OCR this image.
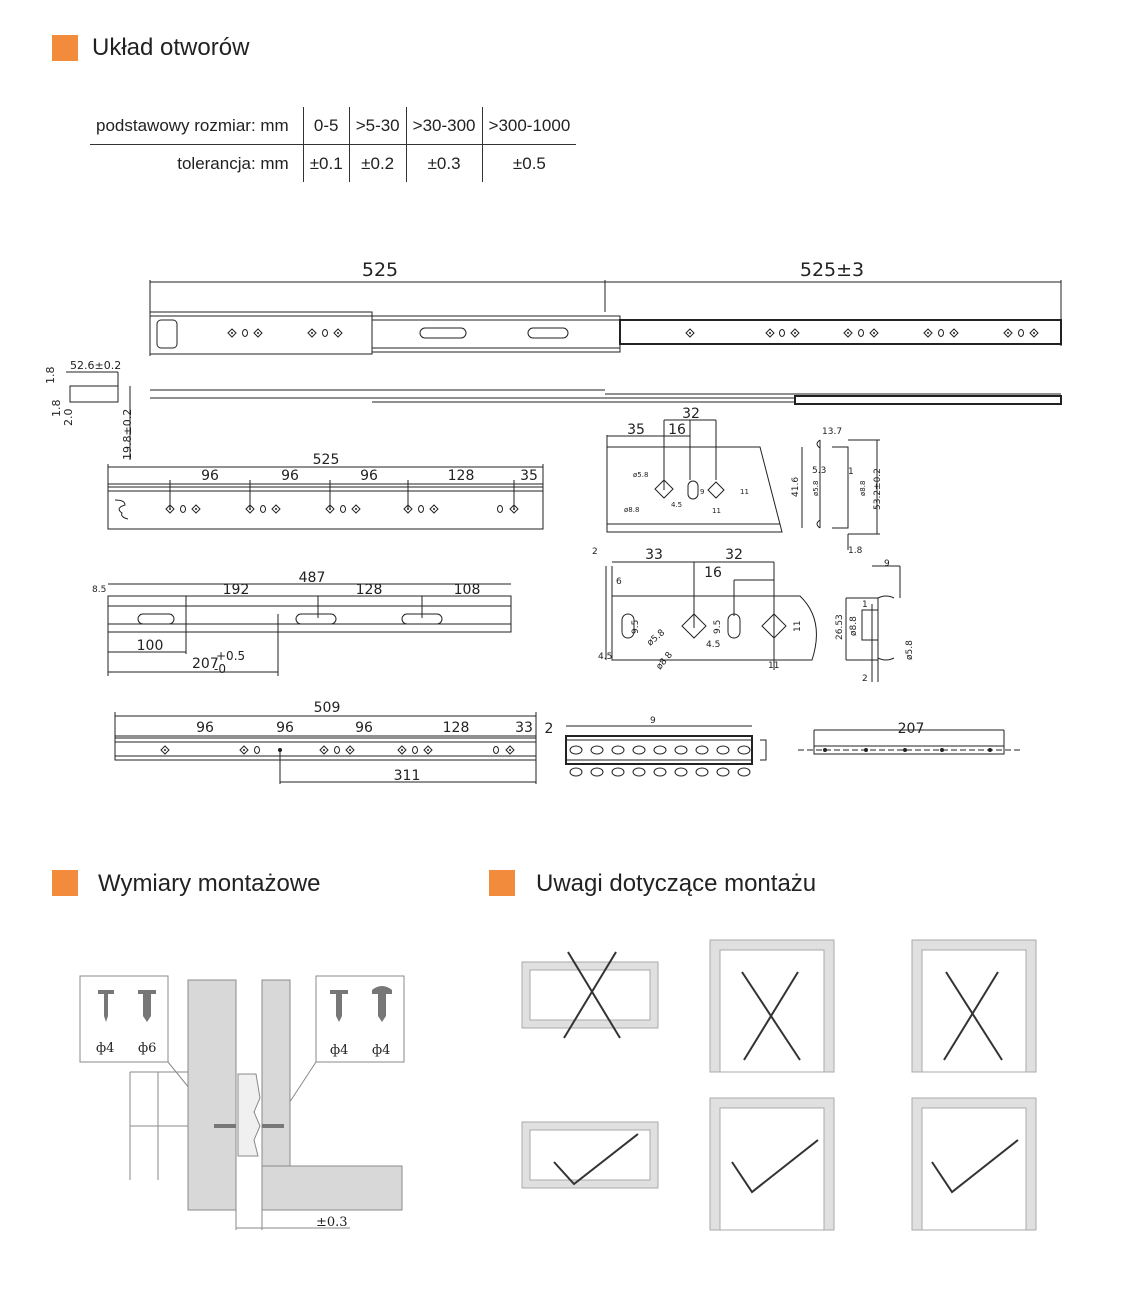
Układ otworów
Wymiary montażowe	Uwagi dotyczące montażu
podstawowy rozmiar: mm	0-5	>5-30	>30-300	>300-1000
tolerancja: mm	±0.1	±0.2	±0.3	±0.5
525	525±3
52.6±0.2
1.8
1.8
2.0	19.8±0.2	525
96	96	96	128	35
35 16
32
ø5.8
ø8.8
4.5
9	11
11
ø5.8	ø8.8
13.7
5.3 1
41.6	53.2±0.2
1.8
8.5
2
6
9.5	9.5
ø5.8
ø8.8
4.5
4.5
11
11
9
1
26.53 ø8.8
ø5.8
2
9
487
192	128	108
100
207
+0.5
-0
33	32
16
509
96	96	96	128	33 2
311
207
ф4 ф6	ф4 ф4
±0.3
